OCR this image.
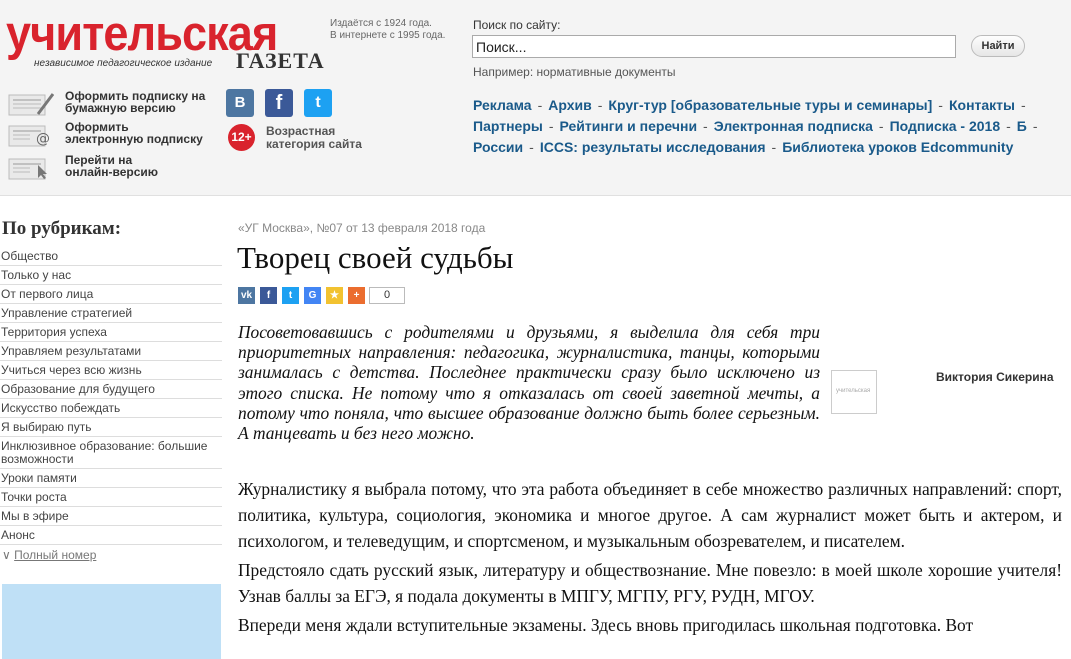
учительская
независимое педагогическое издание ГАЗЕТА
Издаётся с 1924 года.
В интернете с 1995 года.
Поиск по сайту:
Поиск...
Найти
Например: нормативные документы
Оформить подписку на
бумажную версию
@
Оформить
электронную подписку
Перейти на
онлайн-версию
В	f	t
12+ Возрастная
категория сайта
Реклама - Архив - Круг-тур [образовательные туры и семинары] - Контакты -
Партнеры - Рейтинги и перечни - Электронная подписка - Подписка - 2018 - Б -
России - ICCS: результаты исследования - Библиотека уроков Edcommunity
По рубрикам:
Общество
Только у нас
От первого лица
Управление стратегией
Территория успеха
Управляем результатами
Учиться через всю жизнь
Образование для будущего
Искусство побеждать
Я выбираю путь
Инклюзивное образование: большие возможности
Уроки памяти
Точки роста
Мы в эфире
Анонс
∨ Полный номер
«УГ Москва», №07 от 13 февраля 2018 года
Творец своей судьбы
vk	f	t	G	★	+	0

Посоветовавшись с родителями и друзьями, я выделила для себя три приоритетных направления: педагогика, журналистика, танцы, которыми занималась с детства. Последнее практически сразу было исключено из этого списка. Не потому что я отказалась от своей заветной мечты, а потому что поняла, что высшее образование должно быть более серьезным. А танцевать и без него можно.

учительская
Виктория Сикерина

Журналистику я выбрала потому, что эта работа объединяет в себе множество различных направлений: спорт, политика, культура, социология, экономика и многое другое. А сам журналист может быть и актером, и психологом, и телеведущим, и спортсменом, и музыкальным обозревателем, и писателем.

Предстояло сдать русский язык, литературу и обществознание. Мне повезло: в моей школе хорошие учителя! Узнав баллы за ЕГЭ, я подала документы в МПГУ, МГПУ, РГУ, РУДН, МГОУ.

Впереди меня ждали вступительные экзамены. Здесь вновь пригодилась школьная подготовка. Вот
